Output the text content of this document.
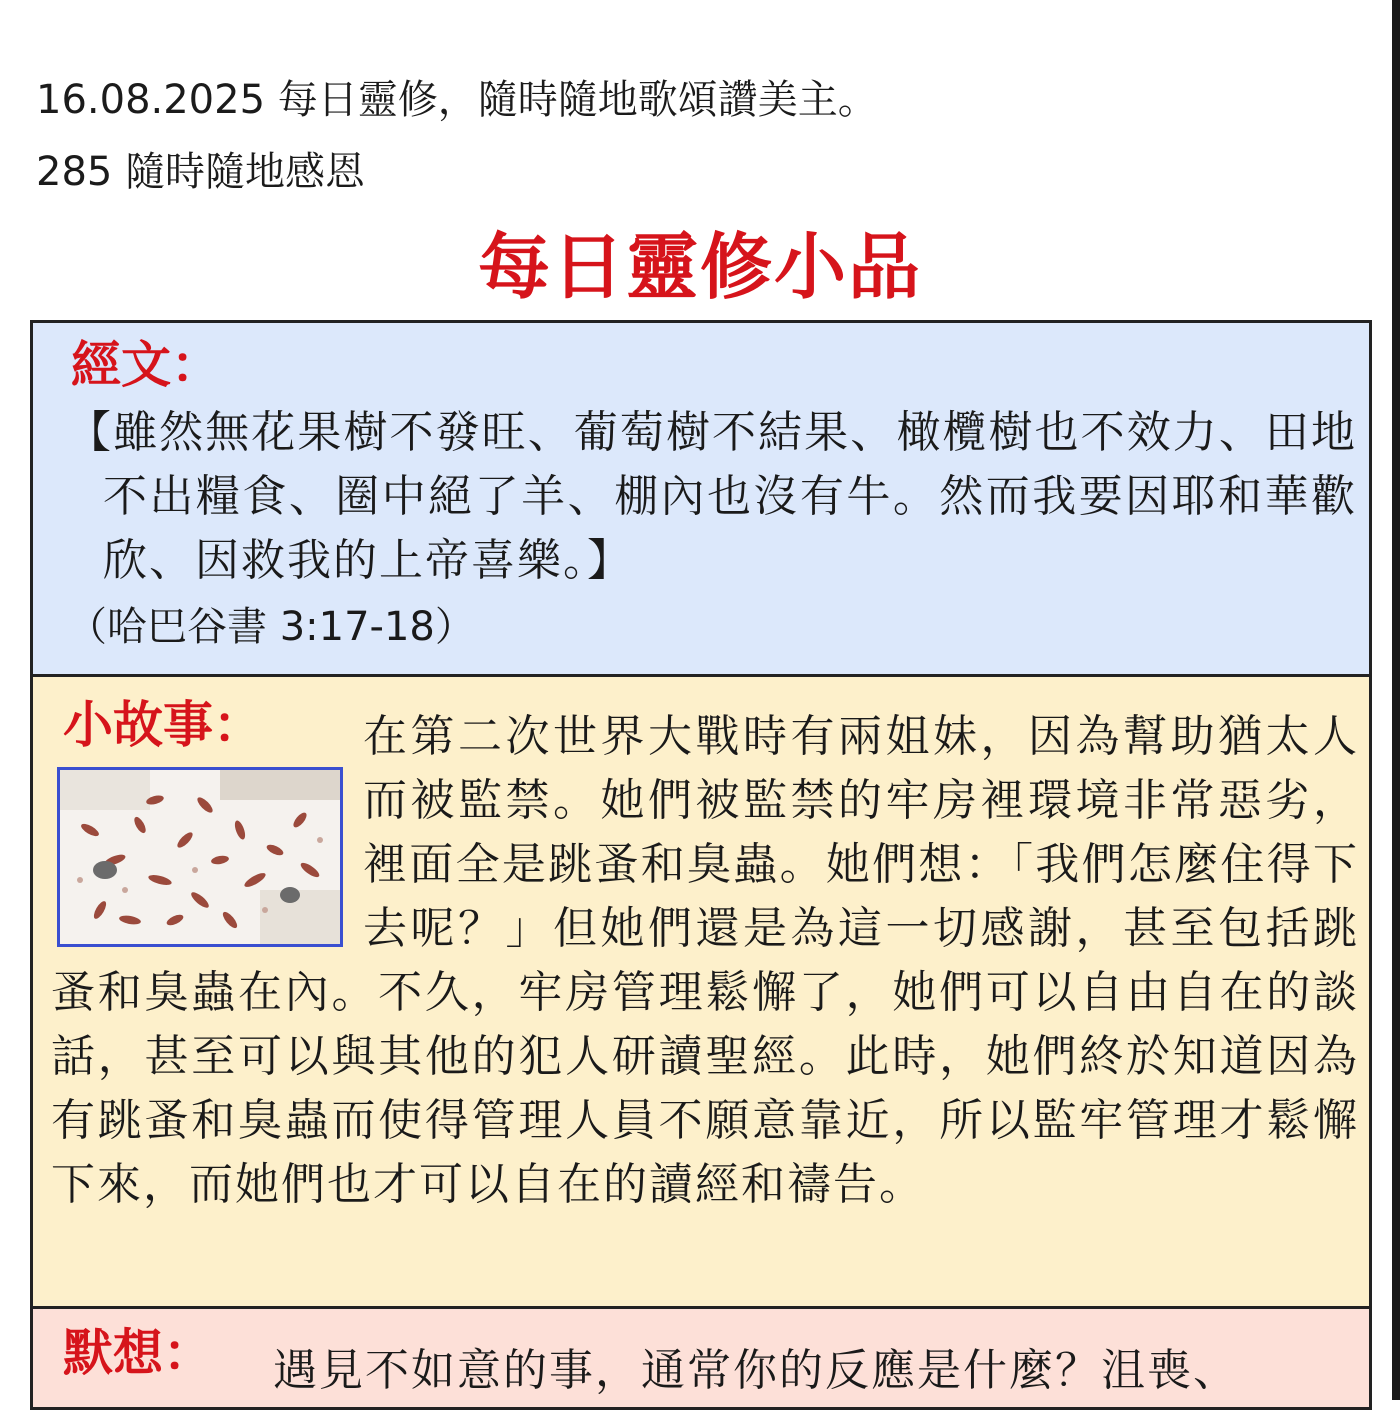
16.08.2025 每日靈修，隨時隨地歌頌讚美主。
285 隨時隨地感恩
每日靈修小品
經文：
【雖然無花果樹不發旺、葡萄樹不結果、橄欖樹也不效力、田地不出糧食、圈中絕了羊、棚內也沒有牛。然而我要因耶和華歡欣、因救我的上帝喜樂。】
（哈巴谷書 3:17-18）
小故事：	在第二次世界大戰時有兩姐妹，因為幫助猶太人而被監禁。她們被監禁的牢房裡環境非常惡劣，裡面全是跳蚤和臭蟲。她們想：「我們怎麼住得下去呢？」但她們還是為這一切感謝，甚至包括跳蚤和臭蟲在內。不久，牢房管理鬆懈了，她們可以自由自在的談話，甚至可以與其他的犯人研讀聖經。此時，她們終於知道因為有跳蚤和臭蟲而使得管理人員不願意靠近，所以監牢管理才鬆懈下來，而她們也才可以自在的讀經和禱告。

默想： 遇見不如意的事，通常你的反應是什麼？沮喪、
